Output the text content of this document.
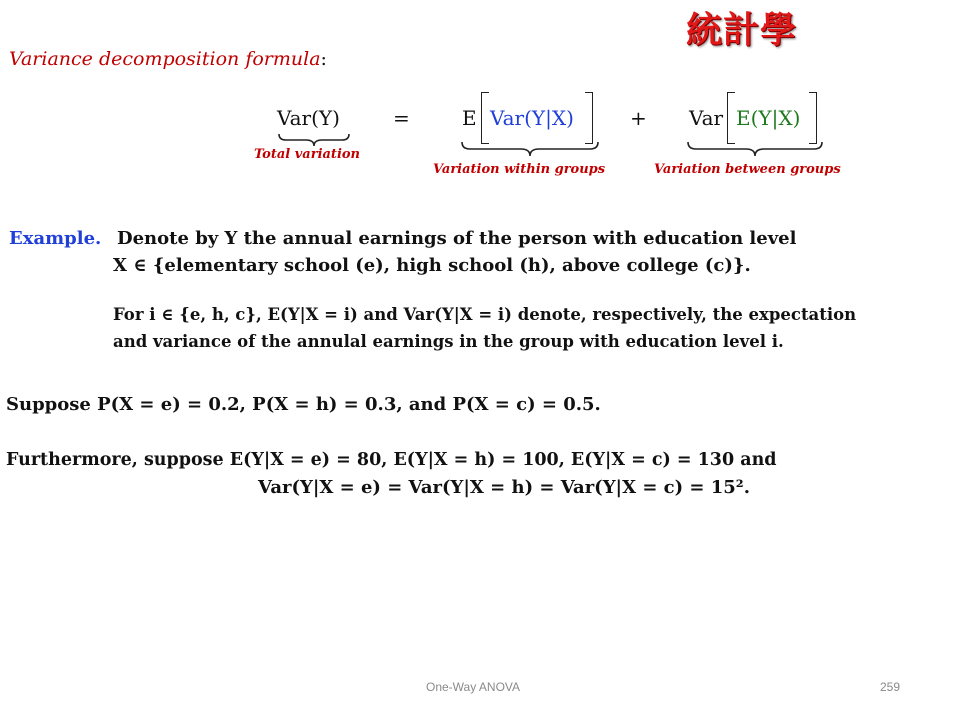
統計學
Variance decomposition formula:
Var(Y)	=	E Var(Y|X)	+ Var E(Y|X)
Total variation
Variation within groups	Variation between groups
Example. Denote by Y the annual earnings of the person with education level
X ∈ {elementary school (e), high school (h), above college (c)}.
For i ∈ {e, h, c}, E(Y|X = i) and Var(Y|X = i) denote, respectively, the expectation
and variance of the annulal earnings in the group with education level i.
Suppose P(X = e) = 0.2, P(X = h) = 0.3, and P(X = c) = 0.5.
Furthermore, suppose E(Y|X = e) = 80, E(Y|X = h) = 100, E(Y|X = c) = 130 and
Var(Y|X = e) = Var(Y|X = h) = Var(Y|X = c) = 15².
One-Way ANOVA	259
